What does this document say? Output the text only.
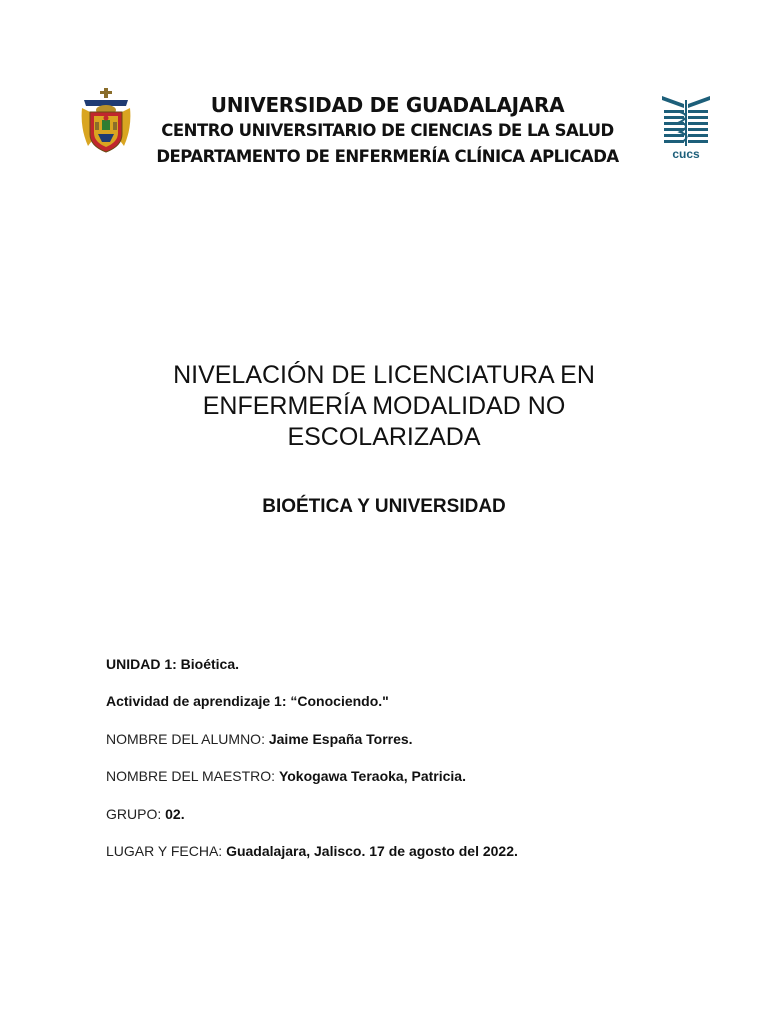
cucs
UNIVERSIDAD DE GUADALAJARA
CENTRO UNIVERSITARIO DE CIENCIAS DE LA SALUD
DEPARTAMENTO DE ENFERMERÍA CLÍNICA APLICADA
NIVELACIÓN DE LICENCIATURA EN
ENFERMERÍA MODALIDAD NO
ESCOLARIZADA
BIOÉTICA Y UNIVERSIDAD
UNIDAD 1: Bioética.
Actividad de aprendizaje 1: “Conociendo."
NOMBRE DEL ALUMNO: Jaime España Torres.
NOMBRE DEL MAESTRO: Yokogawa Teraoka, Patricia.
GRUPO: 02.
LUGAR Y FECHA: Guadalajara, Jalisco. 17 de agosto del 2022.
